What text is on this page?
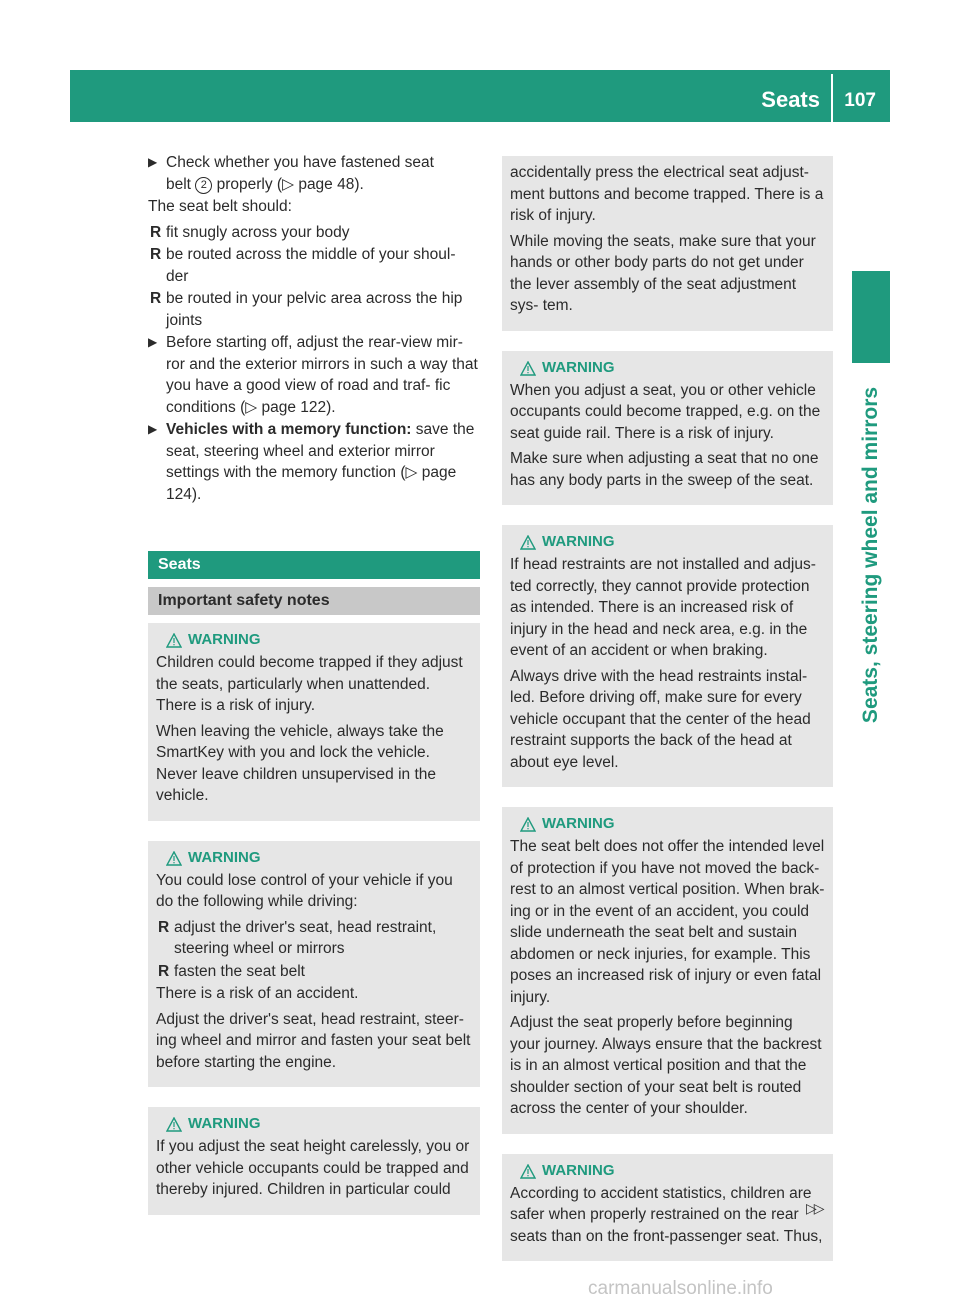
Seats 107
Seats, steering wheel and mirrors
▶ Check whether you have fastened seat
belt 2 properly (▷ page 48).

The seat belt should:

R fit snugly across your body
R be routed across the middle of your shoul- der
R be routed in your pelvic area across the hip joints
▶ Before starting off, adjust the rear-view mir- ror and the exterior mirrors in such a way that you have a good view of road and traf- fic conditions (▷ page 122).
▶ Vehicles with a memory function: save the seat, steering wheel and exterior mirror settings with the memory function (▷ page 124).
Seats
Important safety notes
WARNING

Children could become trapped if they adjust the seats, particularly when unattended. There is a risk of injury.

When leaving the vehicle, always take the SmartKey with you and lock the vehicle. Never leave children unsupervised in the vehicle.

WARNING

You could lose control of your vehicle if you do the following while driving:

R adjust the driver's seat, head restraint, steering wheel or mirrors
R fasten the seat belt

There is a risk of an accident.

Adjust the driver's seat, head restraint, steer- ing wheel and mirror and fasten your seat belt before starting the engine.

WARNING

If you adjust the seat height carelessly, you or other vehicle occupants could be trapped and thereby injured. Children in particular could

accidentally press the electrical seat adjust- ment buttons and become trapped. There is a risk of injury.

While moving the seats, make sure that your hands or other body parts do not get under the lever assembly of the seat adjustment sys- tem.

WARNING

When you adjust a seat, you or other vehicle occupants could become trapped, e.g. on the seat guide rail. There is a risk of injury.

Make sure when adjusting a seat that no one has any body parts in the sweep of the seat.

WARNING

If head restraints are not installed and adjus- ted correctly, they cannot provide protection as intended. There is an increased risk of injury in the head and neck area, e.g. in the event of an accident or when braking.

Always drive with the head restraints instal- led. Before driving off, make sure for every vehicle occupant that the center of the head restraint supports the back of the head at about eye level.

WARNING

The seat belt does not offer the intended level of protection if you have not moved the back- rest to an almost vertical position. When brak- ing or in the event of an accident, you could slide underneath the seat belt and sustain abdomen or neck injuries, for example. This poses an increased risk of injury or even fatal injury.

Adjust the seat properly before beginning your journey. Always ensure that the backrest is in an almost vertical position and that the shoulder section of your seat belt is routed across the center of your shoulder.

WARNING

According to accident statistics, children are safer when properly restrained on the rear seats than on the front-passenger seat. Thus,

▷▷
carmanualsonline.info
